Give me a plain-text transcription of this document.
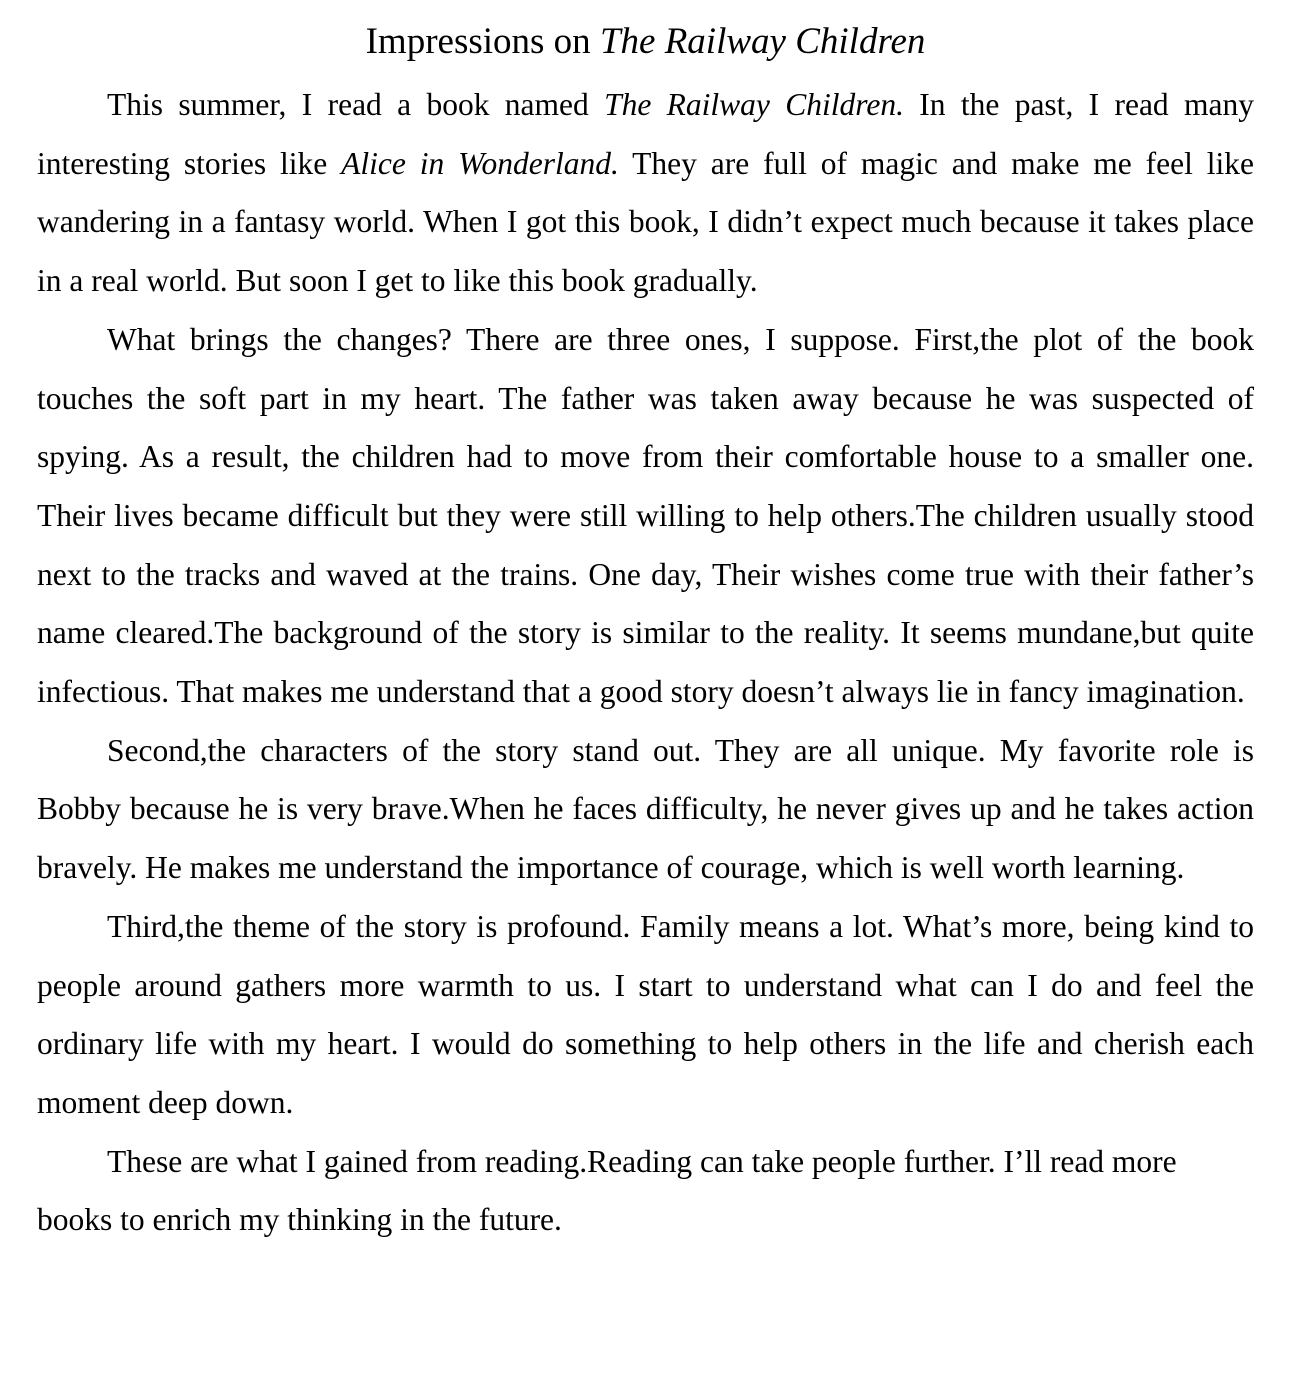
Impressions on The Railway Children

This summer, I read a book named The Railway Children. In the past, I read many interesting stories like Alice in Wonderland. They are full of magic and make me feel like wandering in a fantasy world. When I got this book, I didn’t expect much because it takes place in a real world. But soon I get to like this book gradually.

What brings the changes? There are three ones, I suppose. First,the plot of the book touches the soft part in my heart. The father was taken away because he was suspected of spying. As a result, the children had to move from their comfortable house to a smaller one. Their lives became difficult but they were still willing to help others.The children usually stood next to the tracks and waved at the trains. One day, Their wishes come true with their father’s name cleared.The background of the story is similar to the reality. It seems mundane,but quite infectious. That makes me understand that a good story doesn’t always lie in fancy imagination.

Second,the characters of the story stand out. They are all unique. My favorite role is Bobby because he is very brave.When he faces difficulty, he never gives up and he takes action bravely. He makes me understand the importance of courage, which is well worth learning.

Third,the theme of the story is profound. Family means a lot. What’s more, being kind to people around gathers more warmth to us. I start to understand what can I do and feel the ordinary life with my heart. I would do something to help others in the life and cherish each moment deep down.

These are what I gained from reading.Reading can take people further. I’ll read more books to enrich my thinking in the future.
